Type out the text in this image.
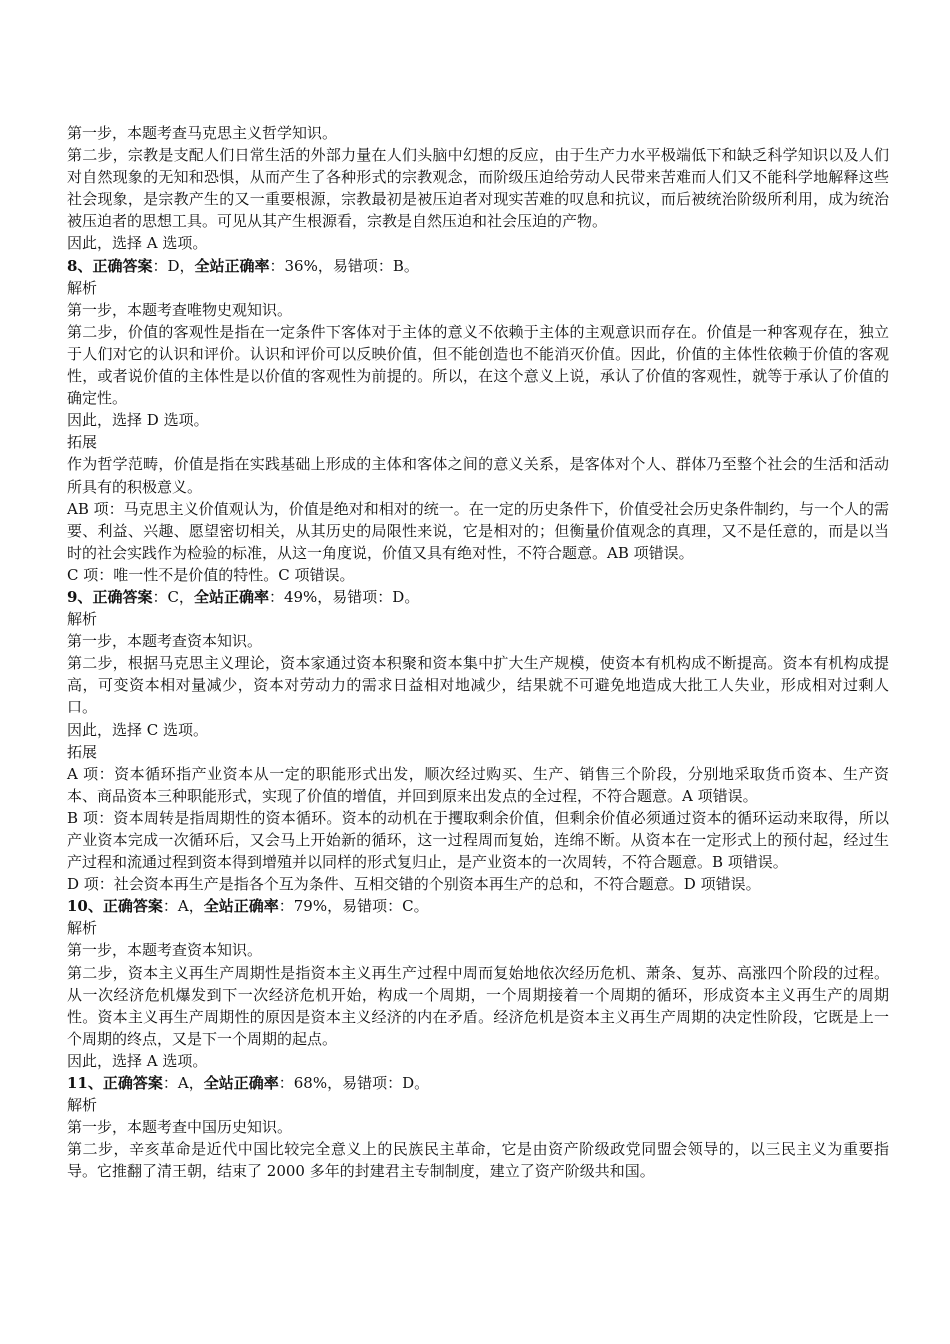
第一步，本题考查马克思主义哲学知识。

第二步，宗教是支配人们日常生活的外部力量在人们头脑中幻想的反应，由于生产力水平极端低下和缺乏科学知识以及人们对自然现象的无知和恐惧，从而产生了各种形式的宗教观念，而阶级压迫给劳动人民带来苦难而人们又不能科学地解释这些社会现象，是宗教产生的又一重要根源，宗教最初是被压迫者对现实苦难的叹息和抗议，而后被统治阶级所利用，成为统治被压迫者的思想工具。可见从其产生根源看，宗教是自然压迫和社会压迫的产物。

因此，选择 A 选项。

8、正确答案：D，全站正确率：36%，易错项：B。

解析

第一步，本题考查唯物史观知识。

第二步，价值的客观性是指在一定条件下客体对于主体的意义不依赖于主体的主观意识而存在。价值是一种客观存在，独立于人们对它的认识和评价。认识和评价可以反映价值，但不能创造也不能消灭价值。因此，价值的主体性依赖于价值的客观性，或者说价值的主体性是以价值的客观性为前提的。所以，在这个意义上说，承认了价值的客观性，就等于承认了价值的确定性。

因此，选择 D 选项。

拓展

作为哲学范畴，价值是指在实践基础上形成的主体和客体之间的意义关系，是客体对个人、群体乃至整个社会的生活和活动所具有的积极意义。

AB 项：马克思主义价值观认为，价值是绝对和相对的统一。在一定的历史条件下，价值受社会历史条件制约，与一个人的需要、利益、兴趣、愿望密切相关，从其历史的局限性来说，它是相对的；但衡量价值观念的真理，又不是任意的，而是以当时的社会实践作为检验的标准，从这一角度说，价值又具有绝对性，不符合题意。AB 项错误。

C 项：唯一性不是价值的特性。C 项错误。

9、正确答案：C，全站正确率：49%，易错项：D。

解析

第一步，本题考查资本知识。

第二步，根据马克思主义理论，资本家通过资本积聚和资本集中扩大生产规模，使资本有机构成不断提高。资本有机构成提高，可变资本相对量减少，资本对劳动力的需求日益相对地减少，结果就不可避免地造成大批工人失业，形成相对过剩人口。

因此，选择 C 选项。

拓展

A 项：资本循环指产业资本从一定的职能形式出发，顺次经过购买、生产、销售三个阶段，分别地采取货币资本、生产资本、商品资本三种职能形式，实现了价值的增值，并回到原来出发点的全过程，不符合题意。A 项错误。

B 项：资本周转是指周期性的资本循环。资本的动机在于攫取剩余价值，但剩余价值必须通过资本的循环运动来取得，所以产业资本完成一次循环后，又会马上开始新的循环，这一过程周而复始，连绵不断。从资本在一定形式上的预付起，经过生产过程和流通过程到资本得到增殖并以同样的形式复归止，是产业资本的一次周转，不符合题意。B 项错误。

D 项：社会资本再生产是指各个互为条件、互相交错的个别资本再生产的总和，不符合题意。D 项错误。

10、正确答案：A，全站正确率：79%，易错项：C。

解析

第一步，本题考查资本知识。

第二步，资本主义再生产周期性是指资本主义再生产过程中周而复始地依次经历危机、萧条、复苏、高涨四个阶段的过程。从一次经济危机爆发到下一次经济危机开始，构成一个周期，一个周期接着一个周期的循环，形成资本主义再生产的周期性。资本主义再生产周期性的原因是资本主义经济的内在矛盾。经济危机是资本主义再生产周期的决定性阶段，它既是上一个周期的终点，又是下一个周期的起点。

因此，选择 A 选项。

11、正确答案：A，全站正确率：68%，易错项：D。

解析

第一步，本题考查中国历史知识。

第二步，辛亥革命是近代中国比较完全意义上的民族民主革命，它是由资产阶级政党同盟会领导的，以三民主义为重要指导。它推翻了清王朝，结束了 2000 多年的封建君主专制制度，建立了资产阶级共和国。
